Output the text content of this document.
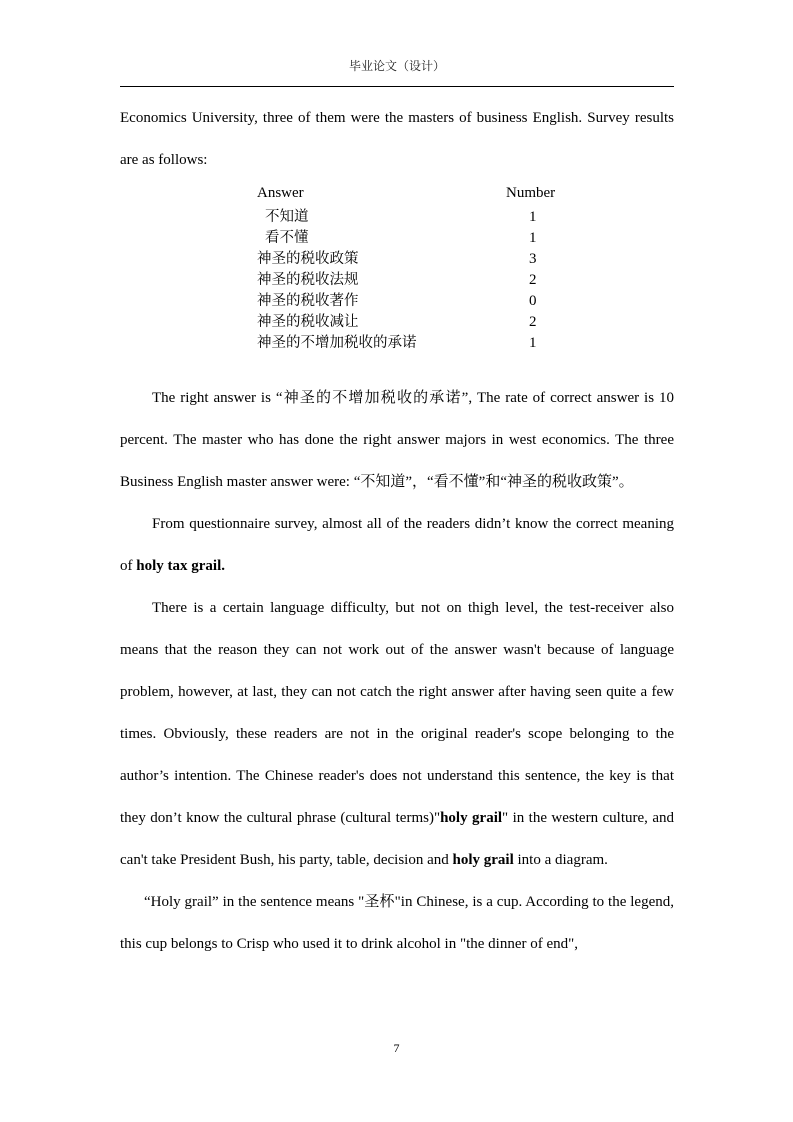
毕业论文（设计）

Economics University, three of them were the masters of business English. Survey results are as follows:

Answer	Number
不知道	1
看不懂	1
神圣的税收政策	3
神圣的税收法规	2
神圣的税收著作	0
神圣的税收减让	2
神圣的不增加税收的承诺	1

The right answer is “神圣的不增加税收的承诺”, The rate of correct answer is 10 percent. The master who has done the right answer majors in west economics. The three Business English master answer were: “不知道”，“看不懂”和“神圣的税收政策”。

From questionnaire survey, almost all of the readers didn’t know the correct meaning of holy tax grail.

There is a certain language difficulty, but not on thigh level, the test-receiver also means that the reason they can not work out of the answer wasn't because of language problem, however, at last, they can not catch the right answer after having seen quite a few times. Obviously, these readers are not in the original reader's scope belonging to the author’s intention. The Chinese reader's does not understand this sentence, the key is that they don’t know the cultural phrase (cultural terms)"holy grail" in the western culture, and can't take President Bush, his party, table, decision and holy grail into a diagram.

“Holy grail” in the sentence means "圣杯"in Chinese, is a cup. According to the legend, this cup belongs to Crisp who used it to drink alcohol in "the dinner of end",

7
